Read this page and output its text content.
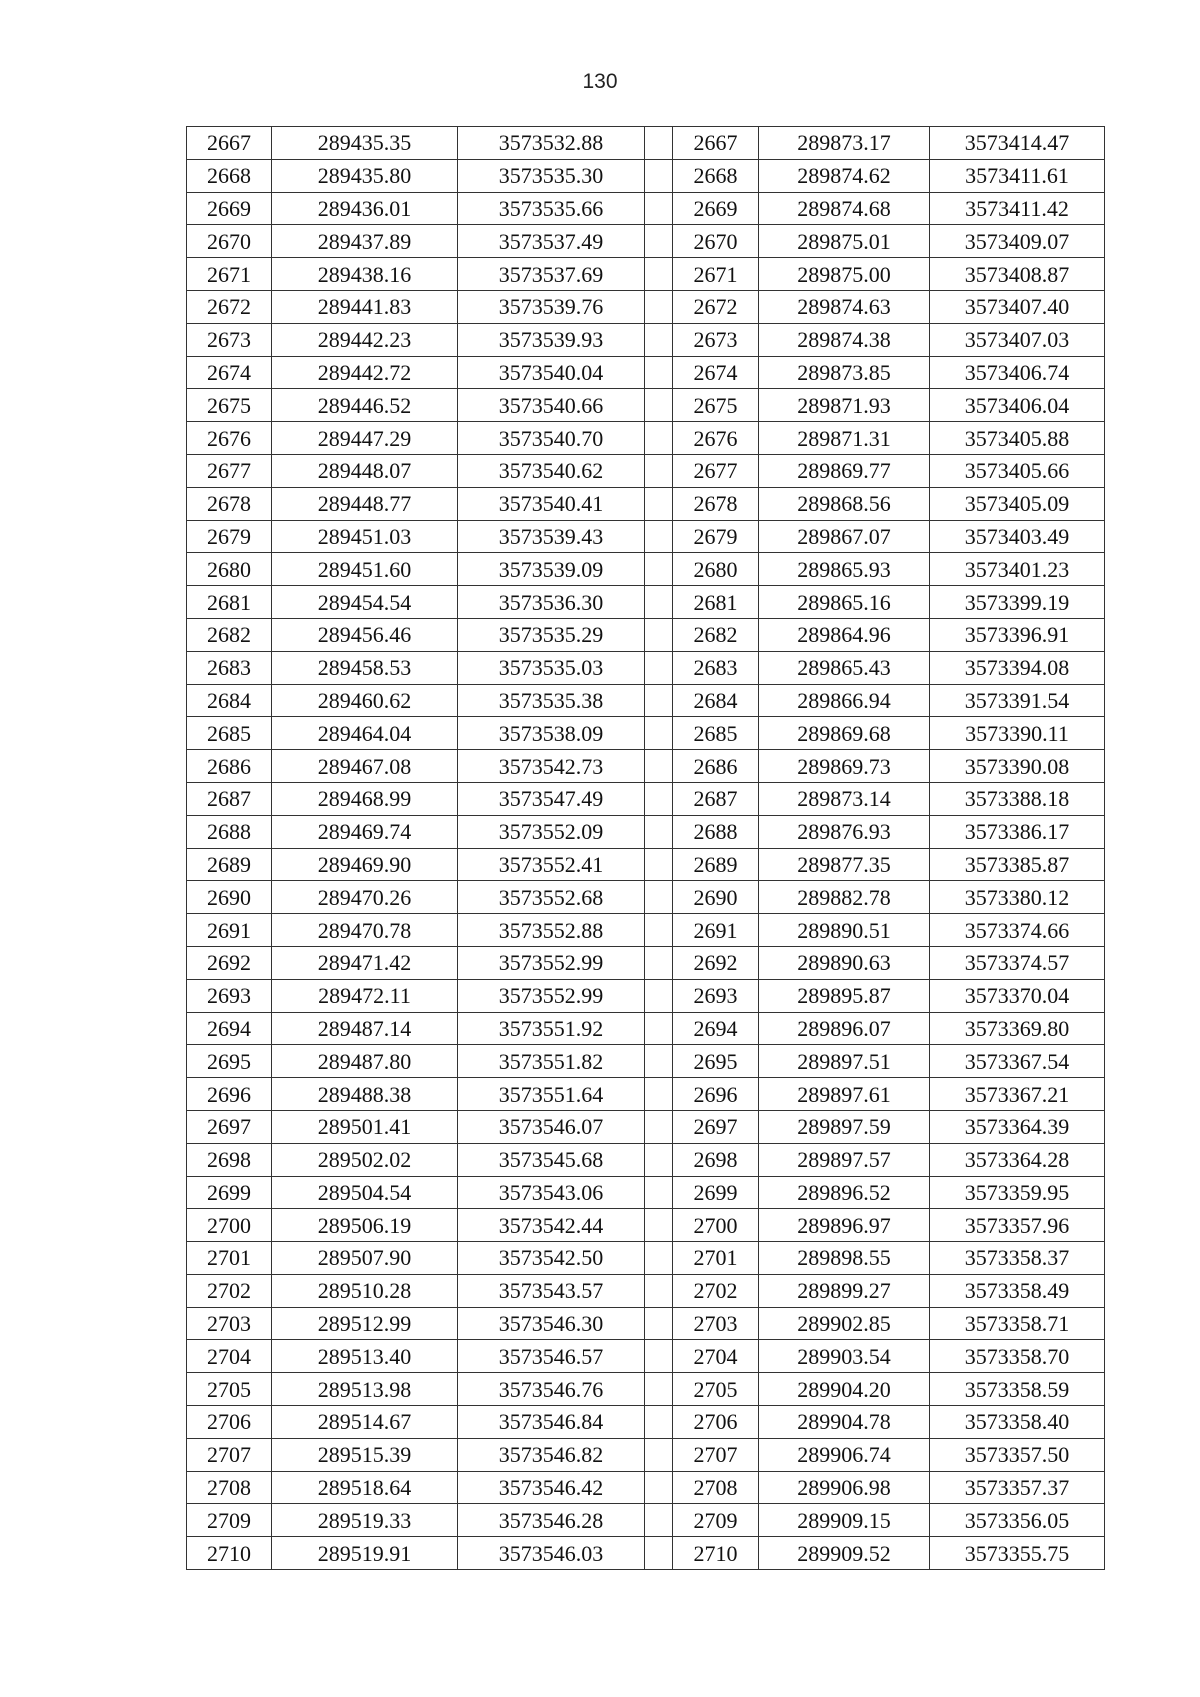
130
2667	289435.35	3573532.88		2667	289873.17	3573414.47
2668	289435.80	3573535.30		2668	289874.62	3573411.61
2669	289436.01	3573535.66		2669	289874.68	3573411.42
2670	289437.89	3573537.49		2670	289875.01	3573409.07
2671	289438.16	3573537.69		2671	289875.00	3573408.87
2672	289441.83	3573539.76		2672	289874.63	3573407.40
2673	289442.23	3573539.93		2673	289874.38	3573407.03
2674	289442.72	3573540.04		2674	289873.85	3573406.74
2675	289446.52	3573540.66		2675	289871.93	3573406.04
2676	289447.29	3573540.70		2676	289871.31	3573405.88
2677	289448.07	3573540.62		2677	289869.77	3573405.66
2678	289448.77	3573540.41		2678	289868.56	3573405.09
2679	289451.03	3573539.43		2679	289867.07	3573403.49
2680	289451.60	3573539.09		2680	289865.93	3573401.23
2681	289454.54	3573536.30		2681	289865.16	3573399.19
2682	289456.46	3573535.29		2682	289864.96	3573396.91
2683	289458.53	3573535.03		2683	289865.43	3573394.08
2684	289460.62	3573535.38		2684	289866.94	3573391.54
2685	289464.04	3573538.09		2685	289869.68	3573390.11
2686	289467.08	3573542.73		2686	289869.73	3573390.08
2687	289468.99	3573547.49		2687	289873.14	3573388.18
2688	289469.74	3573552.09		2688	289876.93	3573386.17
2689	289469.90	3573552.41		2689	289877.35	3573385.87
2690	289470.26	3573552.68		2690	289882.78	3573380.12
2691	289470.78	3573552.88		2691	289890.51	3573374.66
2692	289471.42	3573552.99		2692	289890.63	3573374.57
2693	289472.11	3573552.99		2693	289895.87	3573370.04
2694	289487.14	3573551.92		2694	289896.07	3573369.80
2695	289487.80	3573551.82		2695	289897.51	3573367.54
2696	289488.38	3573551.64		2696	289897.61	3573367.21
2697	289501.41	3573546.07		2697	289897.59	3573364.39
2698	289502.02	3573545.68		2698	289897.57	3573364.28
2699	289504.54	3573543.06		2699	289896.52	3573359.95
2700	289506.19	3573542.44		2700	289896.97	3573357.96
2701	289507.90	3573542.50		2701	289898.55	3573358.37
2702	289510.28	3573543.57		2702	289899.27	3573358.49
2703	289512.99	3573546.30		2703	289902.85	3573358.71
2704	289513.40	3573546.57		2704	289903.54	3573358.70
2705	289513.98	3573546.76		2705	289904.20	3573358.59
2706	289514.67	3573546.84		2706	289904.78	3573358.40
2707	289515.39	3573546.82		2707	289906.74	3573357.50
2708	289518.64	3573546.42		2708	289906.98	3573357.37
2709	289519.33	3573546.28		2709	289909.15	3573356.05
2710	289519.91	3573546.03		2710	289909.52	3573355.75
